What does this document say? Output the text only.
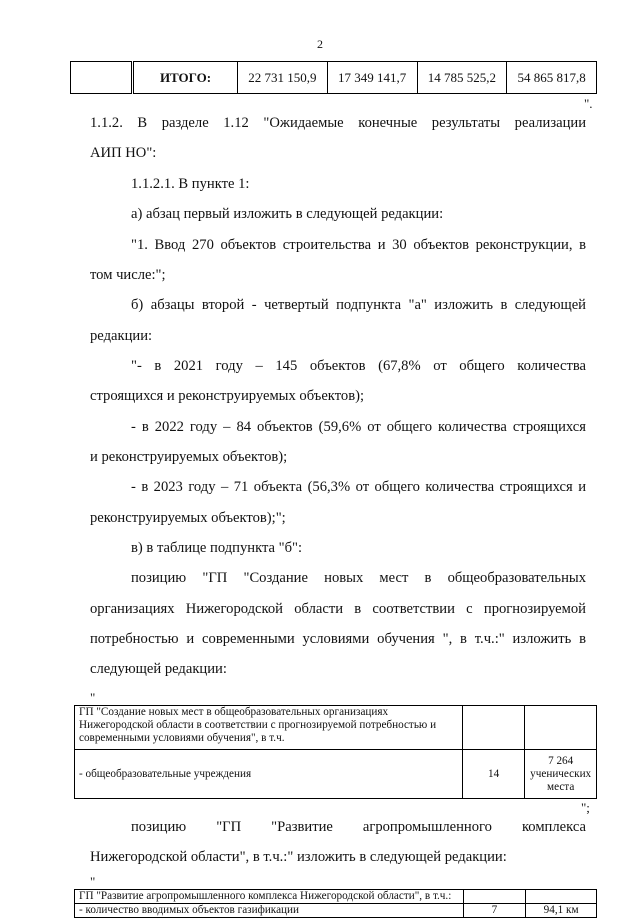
2
	ИТОГО:	22 731 150,9	17 349 141,7	14 785 525,2	54 865 817,8
".
1.1.2. В разделе 1.12 "Ожидаемые конечные результаты реализации
АИП НО":
1.1.2.1. В пункте 1:
а) абзац первый изложить в следующей редакции:
"1. Ввод 270 объектов строительства и 30 объектов реконструкции, в
том числе:";
б) абзацы второй - четвертый подпункта "а" изложить в следующей
редакции:
"- в 2021 году – 145 объектов (67,8% от общего количества
строящихся и реконструируемых объектов);
- в 2022 году – 84 объектов (59,6% от общего количества строящихся
и реконструируемых объектов);
- в 2023 году – 71 объекта (56,3% от общего количества строящихся и
реконструируемых объектов);";
в) в таблице подпункта "б":
позицию "ГП "Создание новых мест в общеобразовательных
организациях Нижегородской области в соответствии с прогнозируемой
потребностью и современными условиями обучения ", в т.ч.:" изложить в
следующей редакции:
"
ГП "Создание новых мест в общеобразовательных организациях Нижегородской области в соответствии с прогнозируемой потребностью и современными условиями обучения", в т.ч.		
- общеобразовательные учреждения	14	7 264 ученических места
";
позицию "ГП "Развитие агропромышленного комплекса
Нижегородской области", в т.ч.:" изложить в следующей редакции:
"
ГП "Развитие агропромышленного комплекса Нижегородской области", в т.ч.:		
- количество вводимых объектов газификации	7	94,1 км
